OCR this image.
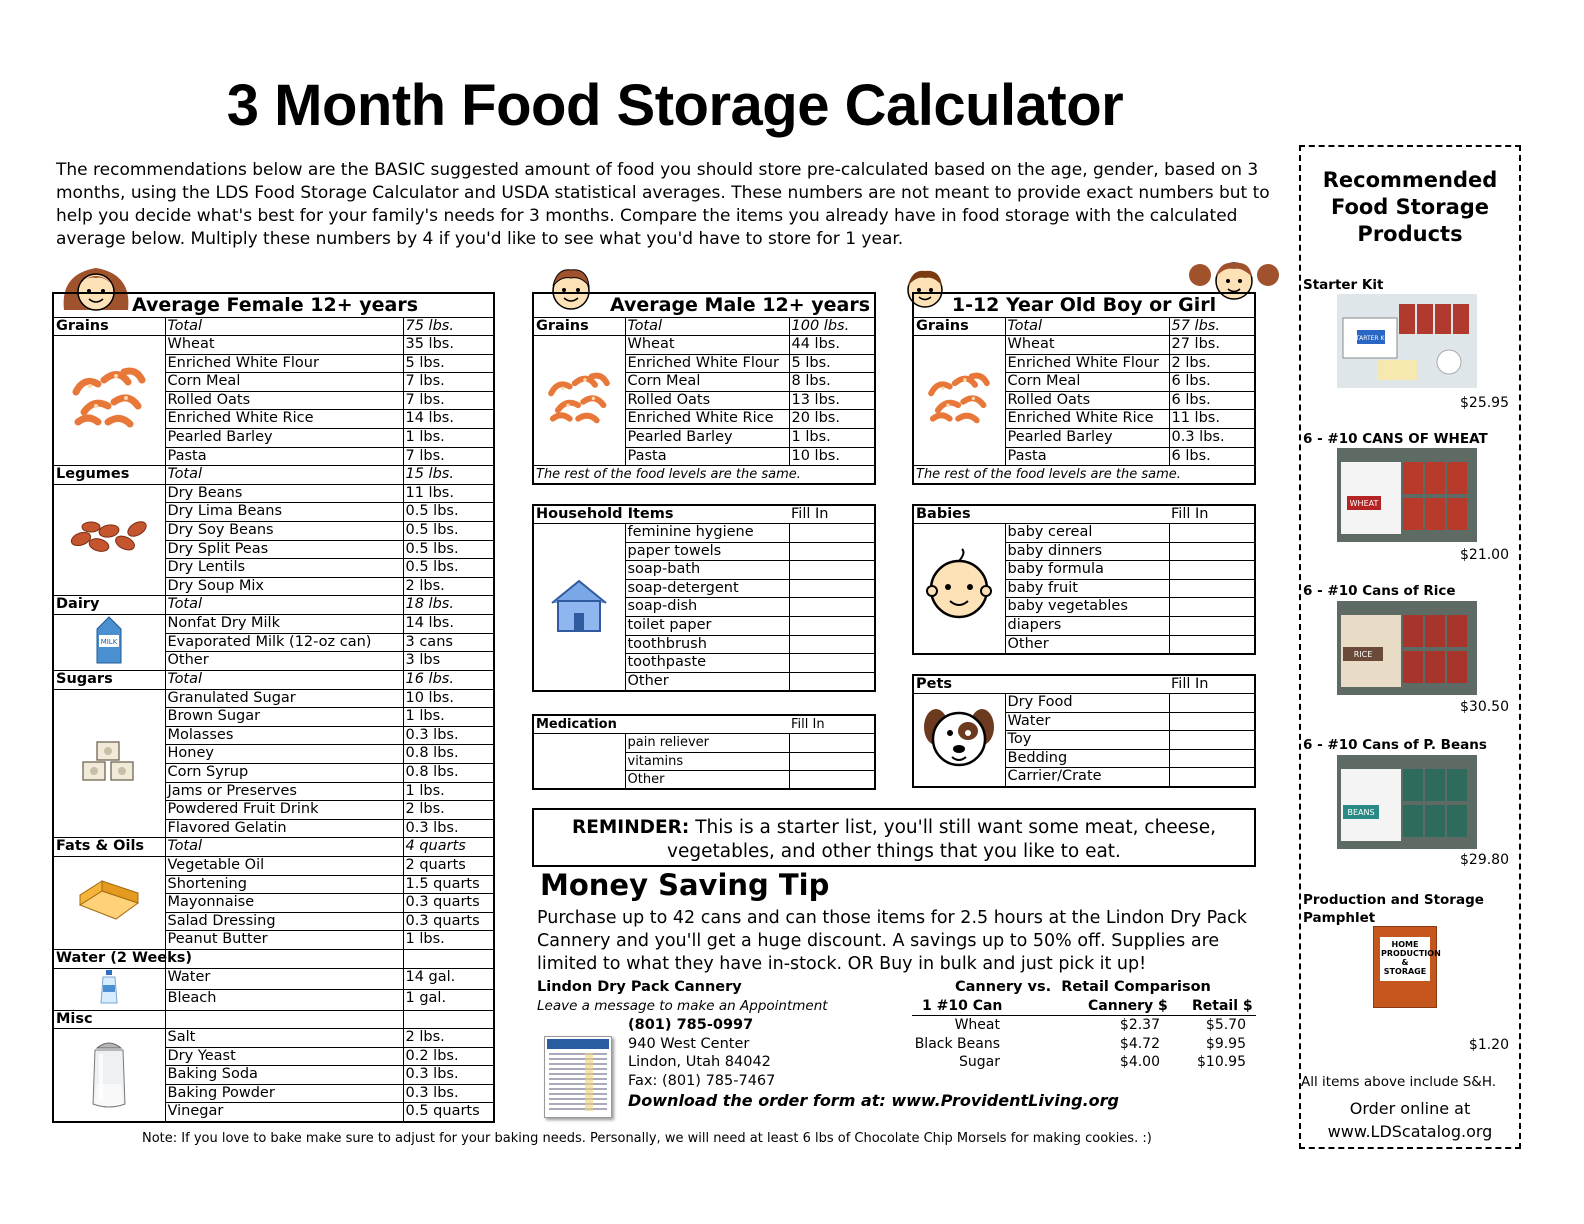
3 Month Food Storage Calculator
The recommendations below are the BASIC suggested amount of food you should store pre-calculated based on the age, gender, based on 3 months, using the LDS Food Storage Calculator and USDA statistical averages. These numbers are not meant to provide exact numbers but to help you decide what's best for your family's needs for 3 months. Compare the items you already have in food storage with the calculated average below. Multiply these numbers by 4 if you'd like to see what you'd have to store for 1 year.
Average Female 12+ years

Grains	Total	75 lbs.
	Wheat	35 lbs.
	Enriched White Flour	5 lbs.
	Corn Meal	7 lbs.
	Rolled Oats	7 lbs.
	Enriched White Rice	14 lbs.
	Pearled Barley	1 lbs.
	Pasta	7 lbs.
Legumes	Total	15 lbs.
	Dry Beans	11 lbs.
	Dry Lima Beans	0.5 lbs.
	Dry Soy Beans	0.5 lbs.
	Dry Split Peas	0.5 lbs.
	Dry Lentils	0.5 lbs.
	Dry Soup Mix	2 lbs.
Dairy	Total	18 lbs.

MILK	Nonfat Dry Milk	14 lbs.
	Evaporated Milk (12-oz can)	3 cans
	Other	3 lbs
Sugars	Total	16 lbs.
	Granulated Sugar	10 lbs.
	Brown Sugar	1 lbs.
	Molasses	0.3 lbs.
	Honey	0.8 lbs.
	Corn Syrup	0.8 lbs.
	Jams or Preserves	1 lbs.
	Powdered Fruit Drink	2 lbs.
	Flavored Gelatin	0.3 lbs.
Fats & Oils	Total	4 quarts
	Vegetable Oil	2 quarts
	Shortening	1.5 quarts
	Mayonnaise	0.3 quarts
	Salad Dressing	0.3 quarts
	Peanut Butter	1 lbs.
Water (2 Weeks)		
	Water	14 gal.
	Bleach	1 gal.
Misc		
	Salt	2 lbs.
	Dry Yeast	0.2 lbs.
	Baking Soda	0.3 lbs.
	Baking Powder	0.3 lbs.
	Vinegar	0.5 quarts
Average Male 12+ years

Grains	Total	100 lbs.
	Wheat	44 lbs.
	Enriched White Flour	5 lbs.
	Corn Meal	8 lbs.
	Rolled Oats	13 lbs.
	Enriched White Rice	20 lbs.
	Pearled Barley	1 lbs.
	Pasta	10 lbs.
The rest of the food levels are the same.		
1-12 Year Old Boy or Girl

Grains	Total	57 lbs.
	Wheat	27 lbs.
	Enriched White Flour	2 lbs.
	Corn Meal	6 lbs.
	Rolled Oats	6 lbs.
	Enriched White Rice	11 lbs.
	Pearled Barley	0.3 lbs.
	Pasta	6 lbs.
The rest of the food levels are the same.		
Household Items		Fill In
	feminine hygiene	
	paper towels	
	soap-bath	
	soap-detergent	
	soap-dish	
	toilet paper	
	toothbrush	
	toothpaste	
	Other	
Medication		Fill In
	pain reliever	
	vitamins	
	Other	
Babies		Fill In
	baby cereal	
	baby dinners	
	baby formula	
	baby fruit	
	baby vegetables	
	diapers	
	Other	
Pets		Fill In
	Dry Food	
	Water	
	Toy	
	Bedding	
	Carrier/Crate	
REMINDER: This is a starter list, you'll still want some meat, cheese, vegetables, and other things that you like to eat.
Money Saving Tip
Purchase up to 42 cans and can those items for 2.5 hours at the Lindon Dry Pack Cannery and you'll get a huge discount. A savings up to 50% off. Supplies are limited to what they have in-stock. OR Buy in bulk and just pick it up!
Lindon Dry Pack Cannery
Leave a message to make an Appointment
(801) 785-0997
940 West Center
Lindon, Utah 84042
Fax: (801) 785-7467
Download the order form at: www.ProvidentLiving.org
Cannery vs.  Retail Comparison
1 #10 Can	Cannery $ Retail $
Wheat	$2.37	$5.70
Black Beans	$4.72	$9.95
Sugar	$4.00	$10.95
Note: If you love to bake make sure to adjust for your baking needs. Personally, we will need at least 6 lbs of Chocolate Chip Morsels for making cookies. :)
Recommended Food Storage Products
Starter Kit
STARTER KIT
$25.95
6 - #10 CANS OF WHEAT
WHEAT
$21.00
6 - #10 Cans of Rice
RICE
$30.50
6 - #10 Cans of P. Beans
BEANS
$29.80
Production and Storage Pamphlet
HOME PRODUCTION & STORAGE
$1.20
All items above include S&H.
Order online at
www.LDScatalog.org
